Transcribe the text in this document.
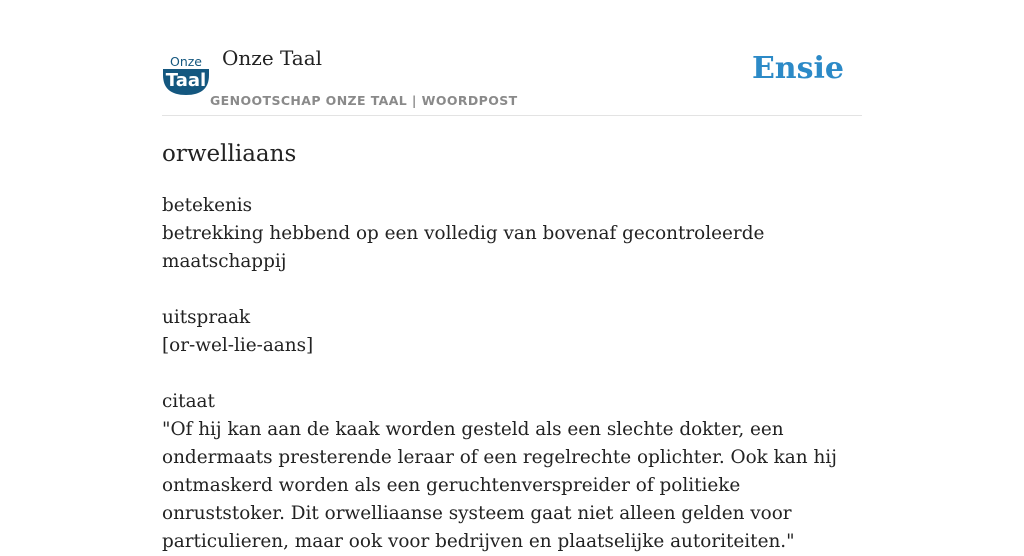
Onze
Taal
Onze Taal
GENOOTSCHAP ONZE TAAL | WOORDPOST
Ensie
orwelliaans

betekenis

betrekking hebbend op een volledig van bovenaf gecontroleerde maatschappij

uitspraak

[or-wel-lie-aans]

citaat

"Of hij kan aan de kaak worden gesteld als een slechte dokter, een ondermaats presterende leraar of een regelrechte oplichter. Ook kan hij ontmaskerd worden als een geruchtenverspreider of politieke onruststoker. Dit orwelliaanse systeem gaat niet alleen gelden voor particulieren, maar ook voor bedrijven en plaatselijke autoriteiten."
